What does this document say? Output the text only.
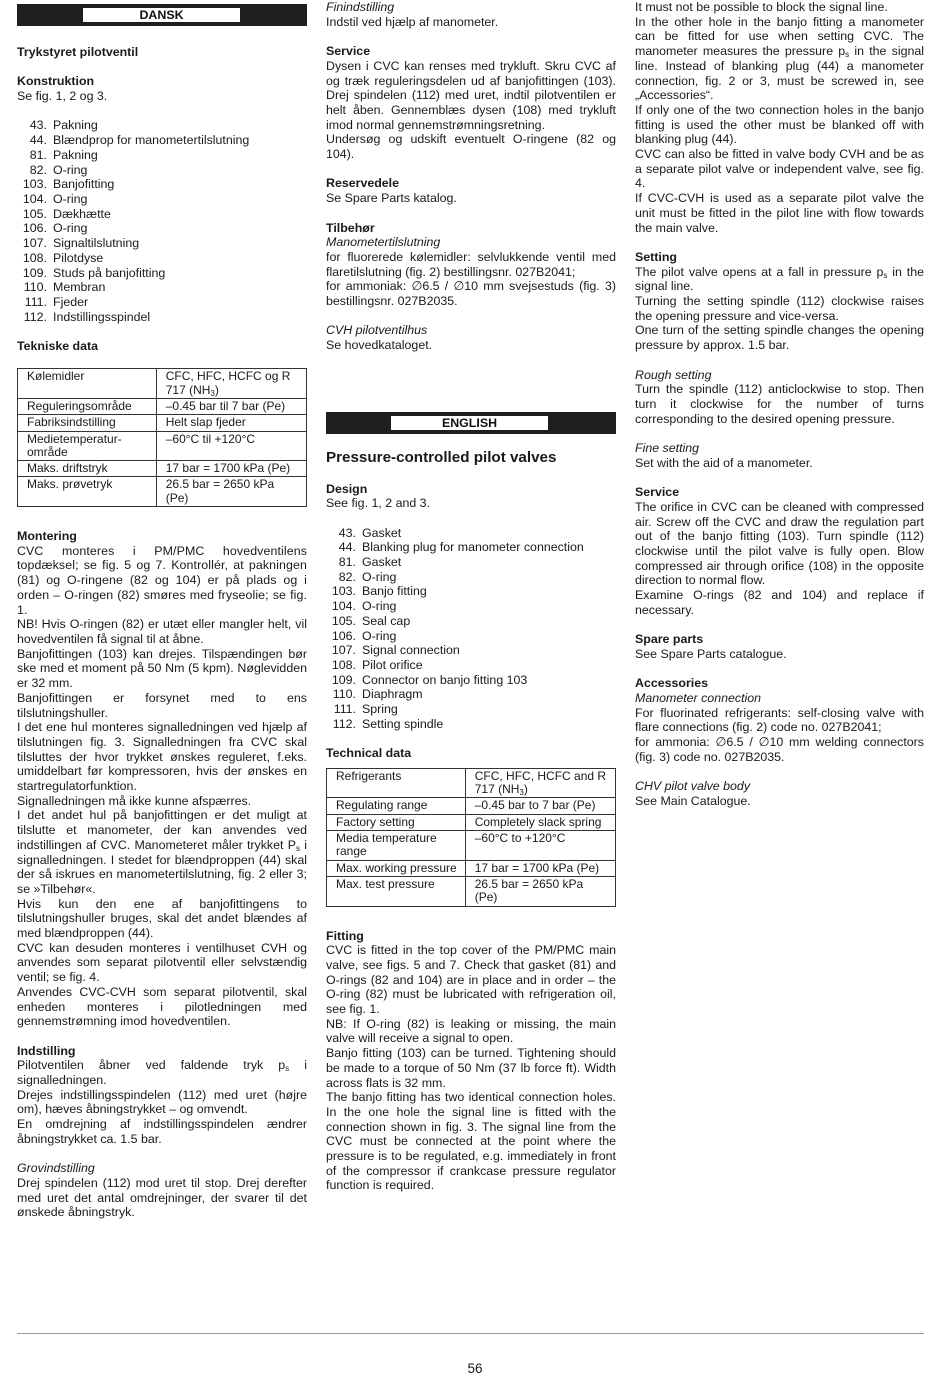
DANSK
Trykstyret pilotventil
Konstruktion

Se fig. 1, 2 og 3.

43. Pakning
44. Blændprop for manometertilslutning
81. Pakning
82. O-ring
103. Banjofitting
104. O-ring
105. Dækhætte
106. O-ring
107. Signaltilslutning
108. Pilotdyse
109. Studs på banjofitting
110. Membran
111. Fjeder
112. Indstillingsspindel
Tekniske data
Kølemidler	CFC, HFC, HCFC og R 717 $(NH_3)$
Reguleringsområde	–0.45 bar til 7 bar (Pe)
Fabriksindstilling	Helt slap fjeder
Medietemperatur-område	–60°C til +120°C
Maks. driftstryk	17 bar = 1700 kPa (Pe)
Maks. prøvetryk	26.5 bar = 2650 kPa (Pe)
Montering

CVC monteres i PM/PMC hovedventilens topdæksel; se fig. 5 og 7. Kontrollér, at pakningen (81) og O-ringene (82 og 104) er på plads og i orden – O-ringen (82) smøres med fryseolie; se fig. 1.

NB! Hvis O-ringen (82) er utæt eller mangler helt, vil hovedventilen få signal til at åbne.

Banjofittingen (103) kan drejes. Tilspændingen bør ske med et moment på 50 Nm (5 kpm). Nøglevidden er 32 mm.

Banjofittingen er forsynet med to ens tilslutningshuller.

I det ene hul monteres signalledningen ved hjælp af tilslutningen fig. 3. Signalledningen fra CVC skal tilsluttes der hvor trykket ønskes reguleret, f.eks. umiddelbart før kompressoren, hvis der ønskes en startregulatorfunktion.

Signalledningen må ikke kunne afspærres.

I det andet hul på banjofittingen er det muligt at tilslutte et manometer, der kan anvendes ved indstillingen af CVC. Manometeret måler trykket $P_s$ i signalledningen. I stedet for blændproppen (44) skal der så iskrues en manometertilslutning, fig. 2 eller 3; se »Tilbehør«.

Hvis kun den ene af banjofittingens to tilslutningshuller bruges, skal det andet blændes af med blændproppen (44).

CVC kan desuden monteres i ventilhuset CVH og anvendes som separat pilotventil eller selvstændig ventil; se fig. 4.

Anvendes CVC-CVH som separat pilotventil, skal enheden monteres i pilotledningen med gennemstrømning imod hovedventilen.

Indstilling

Pilotventilen åbner ved faldende tryk $p_s$ i signalledningen.

Drejes indstillingsspindelen (112) med uret (højre om), hæves åbningstrykket – og omvendt.

En omdrejning af indstillingsspindelen ændrer åbningstrykket ca. 1.5 bar.

Grovindstilling

Drej spindelen (112) mod uret til stop. Drej derefter med uret det antal omdrejninger, der svarer til det ønskede åbningstryk.

Finindstilling

Indstil ved hjælp af manometer.

Service

Dysen i CVC kan renses med trykluft. Skru CVC af og træk reguleringsdelen ud af banjofittingen (103). Drej spindelen (112) med uret, indtil pilotventilen er helt åben. Gennemblæs dysen (108) med trykluft imod normal gennemstrømningsretning.

Undersøg og udskift eventuelt O-ringene (82 og 104).

Reservedele

Se Spare Parts katalog.

Tilbehør

Manometertilslutning

for fluorerede kølemidler: selvlukkende ventil med flaretilslutning (fig. 2) bestillingsnr. 027B2041;

for ammoniak: ∅6.5 / ∅10 mm svejsestuds (fig. 3) bestillingsnr. 027B2035.

CVH pilotventilhus

Se hovedkataloget.

ENGLISH
Pressure-controlled pilot valves
Design

See fig. 1, 2 and 3.

43. Gasket
44. Blanking plug for manometer connection
81. Gasket
82. O-ring
103. Banjo fitting
104. O-ring
105. Seal cap
106. O-ring
107. Signal connection
108. Pilot orifice
109. Connector on banjo fitting 103
110. Diaphragm
111. Spring
112. Setting spindle
Technical data
Refrigerants	CFC, HFC, HCFC and R 717 $(NH_3)$
Regulating range	–0.45 bar to 7 bar (Pe)
Factory setting	Completely slack spring
Media temperature range	–60°C to +120°C
Max. working pressure	17 bar = 1700 kPa (Pe)
Max. test pressure	26.5 bar = 2650 kPa (Pe)
Fitting

CVC is fitted in the top cover of the PM/PMC main valve, see figs. 5 and 7. Check that gasket (81) and O-rings (82 and 104) are in place and in order – the O-ring (82) must be lubricated with refrigeration oil, see fig. 1.

NB: If O-ring (82) is leaking or missing, the main valve will receive a signal to open.

Banjo fitting (103) can be turned. Tightening should be made to a torque of 50 Nm (37 lb force ft). Width across flats is 32 mm.

The banjo fitting has two identical connection holes. In the one hole the signal line is fitted with the connection shown in fig. 3. The signal line from the CVC must be connected at the point where the pressure is to be regulated, e.g. immediately in front of the compressor if crankcase pressure regulator function is required.

It must not be possible to block the signal line.

In the other hole in the banjo fitting a manometer can be fitted for use when setting CVC. The manometer measures the pressure $p_s$ in the signal line. Instead of blanking plug (44) a manometer connection, fig. 2 or 3, must be screwed in, see „Accessories“.

If only one of the two connection holes in the banjo fitting is used the other must be blanked off with blanking plug (44).

CVC can also be fitted in valve body CVH and be as a separate pilot valve or independent valve, see fig. 4.

If CVC-CVH is used as a separate pilot valve the unit must be fitted in the pilot line with flow towards the main valve.

Setting

The pilot valve opens at a fall in pressure $p_s$ in the signal line.

Turning the setting spindle (112) clockwise raises the opening pressure and vice-versa.

One turn of the setting spindle changes the opening pressure by approx. 1.5 bar.

Rough setting

Turn the spindle (112) anticlockwise to stop. Then turn it clockwise for the number of turns corresponding to the desired opening pressure.

Fine setting

Set with the aid of a manometer.

Service

The orifice in CVC can be cleaned with compressed air. Screw off the CVC and draw the regulation part out of the banjo fitting (103). Turn spindle (112) clockwise until the pilot valve is fully open. Blow compressed air through orifice (108) in the opposite direction to normal flow.

Examine O-rings (82 and 104) and replace if necessary.

Spare parts

See Spare Parts catalogue.

Accessories

Manometer connection

For fluorinated refrigerants: self-closing valve with flare connections (fig. 2) code no. 027B2041;

for ammonia: ∅6.5 / ∅10 mm welding connectors (fig. 3) code no. 027B2035.

CHV pilot valve body

See Main Catalogue.

56
